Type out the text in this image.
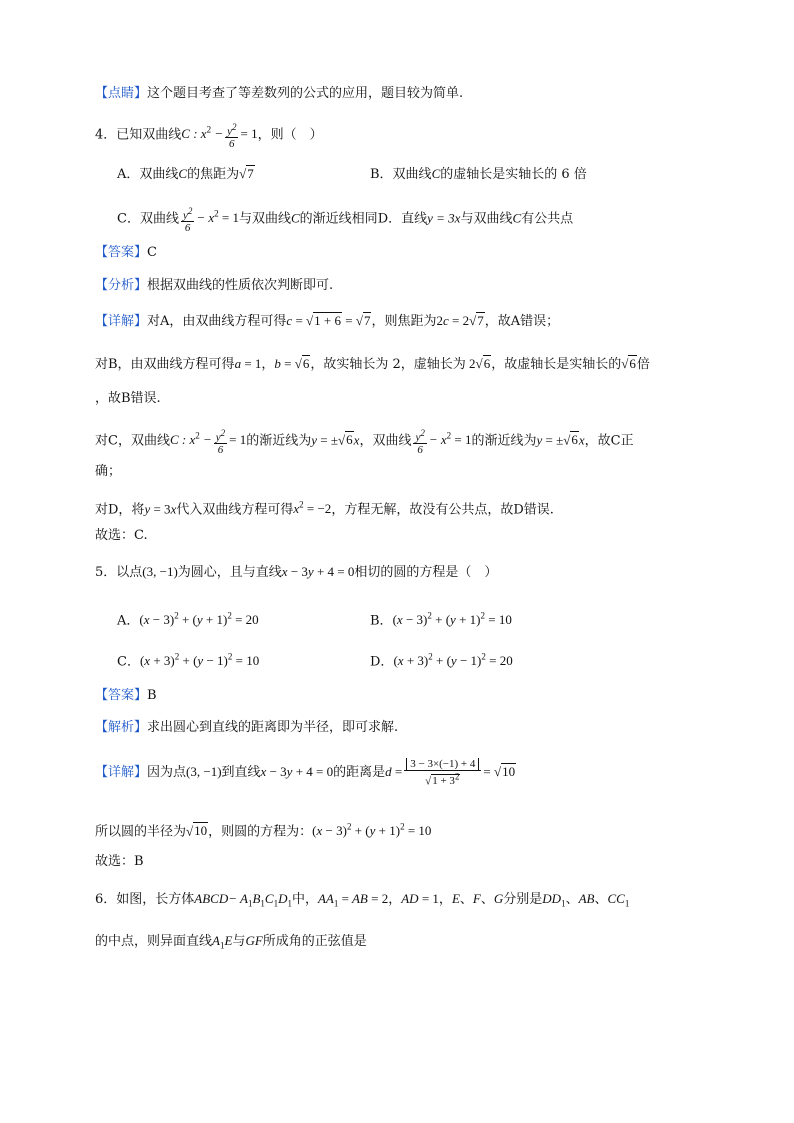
【点睛】这个题目考查了等差数列的公式的应用，题目较为简单.
4．已知双曲线C : $x^2 - \frac{y^2}{6} = 1$，则（　）
A．双曲线C的焦距为√7	B．双曲线C的虚轴长是实轴长的 6 倍
C．双曲线 $\frac{y^2}{6} - x^2 = 1$与双曲线C的渐近线相同D．直线y = 3x与双曲线C有公共点
【答案】C
【分析】根据双曲线的性质依次判断即可.
【详解】对A，由双曲线方程可得c = √1 + 6 = √7，则焦距为2c = 2√7，故A错误；
对B，由双曲线方程可得a = 1，b = √6，故实轴长为 2，虚轴长为 2√6，故虚轴长是实轴长的√6倍
，故B错误.
对C，双曲线C : $x^2 - \frac{y^2}{6} = 1$的渐近线为y = ±√6x，双曲线 $\frac{y^2}{6} - x^2 = 1$的渐近线为y = ±√6x，故C正
确；
对D，将y = 3x代入双曲线方程可得$x^2 = -2$，方程无解，故没有公共点，故D错误.
故选：C.
5．以点(3, −1)为圆心，且与直线x − 3y + 4 = 0相切的圆的方程是（　）
A．$(x - 3)^2 + (y + 1)^2 = 20$	B．$(x - 3)^2 + (y + 1)^2 = 10$
C．$(x + 3)^2 + (y - 1)^2 = 10$	D．$(x + 3)^2 + (y - 1)^2 = 20$
【答案】B
【解析】求出圆心到直线的距离即为半径，即可求解.
【详解】因为点(3, −1)到直线x − 3y + 4 = 0的距离是$d = \frac{3 - 3\times(-1) + 4}{√1 + 3^2} = √10$
所以圆的半径为√10，则圆的方程为：$(x - 3)^2 + (y + 1)^2 = 10$
故选：B
6．如图，长方体ABCD− $A_1B_1C_1D_1$中，$AA_1$ = AB = 2，AD = 1，E、F、G分别是$DD_1$、AB、$CC_1$
的中点，则异面直线$A_1E$与GF所成角的正弦值是
